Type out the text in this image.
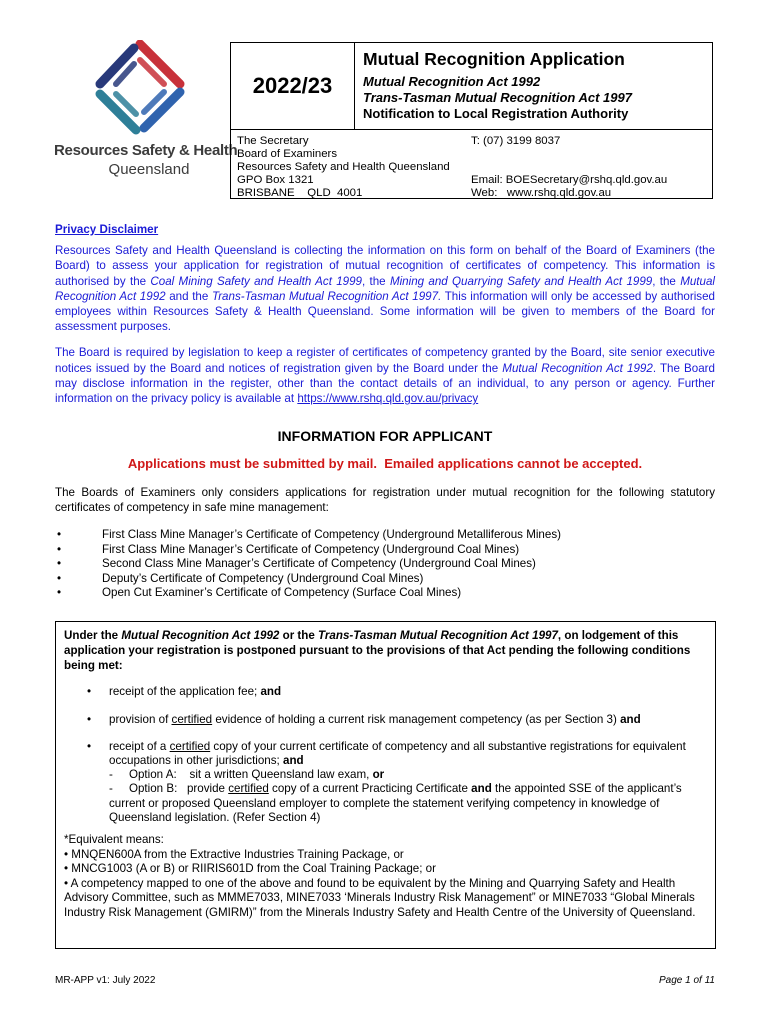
Resources Safety & Health
Queensland
2022/23
Mutual Recognition Application
Mutual Recognition Act 1992
Trans-Tasman Mutual Recognition Act 1997
Notification to Local Registration Authority
The Secretary
Board of Examiners
Resources Safety and Health Queensland
GPO Box 1321
BRISBANE    QLD  4001
T: (07) 3199 8037
Email: BOESecretary@rshq.qld.gov.au
Web:   www.rshq.qld.gov.au
Privacy Disclaimer

Resources Safety and Health Queensland is collecting the information on this form on behalf of the Board of Examiners (the Board) to assess your application for registration of mutual recognition of certificates of competency. This information is authorised by the Coal Mining Safety and Health Act 1999, the Mining and Quarrying Safety and Health Act 1999, the Mutual Recognition Act 1992 and the Trans-Tasman Mutual Recognition Act 1997. This information will only be accessed by authorised employees within Resources Safety & Health Queensland. Some information will be given to members of the Board for assessment purposes.

The Board is required by legislation to keep a register of certificates of competency granted by the Board, site senior executive notices issued by the Board and notices of registration given by the Board under the Mutual Recognition Act 1992. The Board may disclose information in the register, other than the contact details of an individual, to any person or agency. Further information on the privacy policy is available at https://www.rshq.qld.gov.au/privacy

INFORMATION FOR APPLICANT
Applications must be submitted by mail.  Emailed applications cannot be accepted.
The Boards of Examiners only considers applications for registration under mutual recognition for the following statutory certificates of competency in safe mine management:
• First Class Mine Manager’s Certificate of Competency (Underground Metalliferous Mines)
• First Class Mine Manager’s Certificate of Competency (Underground Coal Mines)
• Second Class Mine Manager’s Certificate of Competency (Underground Coal Mines)
• Deputy’s Certificate of Competency (Underground Coal Mines)
• Open Cut Examiner’s Certificate of Competency (Surface Coal Mines)
Under the Mutual Recognition Act 1992 or the Trans-Tasman Mutual Recognition Act 1997, on lodgement of this application your registration is postponed pursuant to the provisions of that Act pending the following conditions being met:
• receipt of the application fee; and
• provision of certified evidence of holding a current risk management competency (as per Section 3) and
• receipt of a certified copy of your current certificate of competency and all substantive registrations for equivalent occupations in other jurisdictions; and
-     Option A:    sit a written Queensland law exam, or
-     Option B:   provide certified copy of a current Practicing Certificate and the appointed SSE of the applicant’s current or proposed Queensland employer to complete the statement verifying competency in knowledge of Queensland legislation. (Refer Section 4)
*Equivalent means:
• MNQEN600A from the Extractive Industries Training Package, or
• MNCG1003 (A or B) or RIIRIS601D from the Coal Training Package; or
• A competency mapped to one of the above and found to be equivalent by the Mining and Quarrying Safety and Health Advisory Committee, such as MMME7033, MINE7033 ‘Minerals Industry Risk Management” or MINE7033 “Global Minerals Industry Risk Management (GMIRM)” from the Minerals Industry Safety and Health Centre of the University of Queensland.
MR-APP v1: July 2022	Page 1 of 11
